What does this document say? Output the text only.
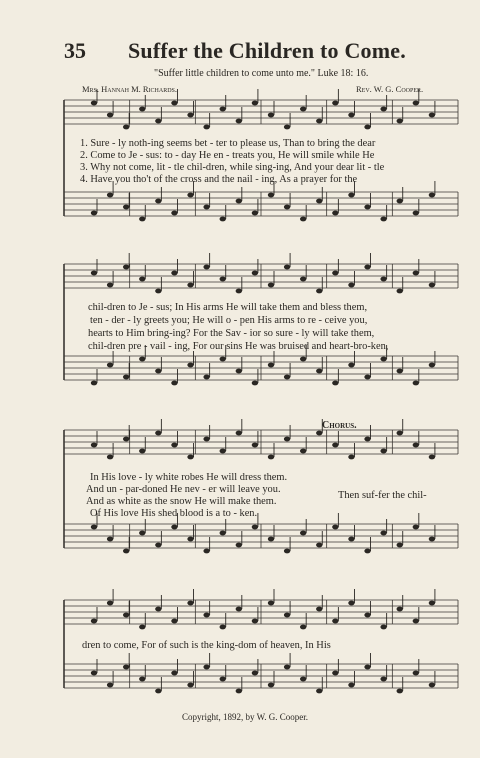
35 Suffer the Children to Come.
"Suffer little children to come unto me." Luke 18: 16.
Mrs. Hannah M. Richards.	Rev. W. G. Cooper.
1. Sure - ly noth-ing seems bet - ter to please us, Than to bring the dear
2. Come to Je - sus: to - day He en - treats you, He will smile while He
3. Why not come, lit - tle chil-dren, while sing-ing, And your dear lit - tle
4. Have you tho't of the cross and the nail - ing, As a prayer for the
chil-dren to Je - sus; In His arms He will take them and bless them,
ten - der - ly greets you; He will o - pen His arms to re - ceive you,
hearts to Him bring-ing? For the Sav - ior so sure - ly will take them,
chil-dren pre - vail - ing, For our sins He was bruised and heart-bro-ken,
Chorus.
In His love - ly white robes He will dress them.
And un - par-doned He nev - er will leave you.
And as white as the snow He will make them.
Of His love His shed blood is a to - ken.
Then suf-fer the chil-
dren to come, For of such is the king-dom of heaven, In His
Copyright, 1892, by W. G. Cooper.
